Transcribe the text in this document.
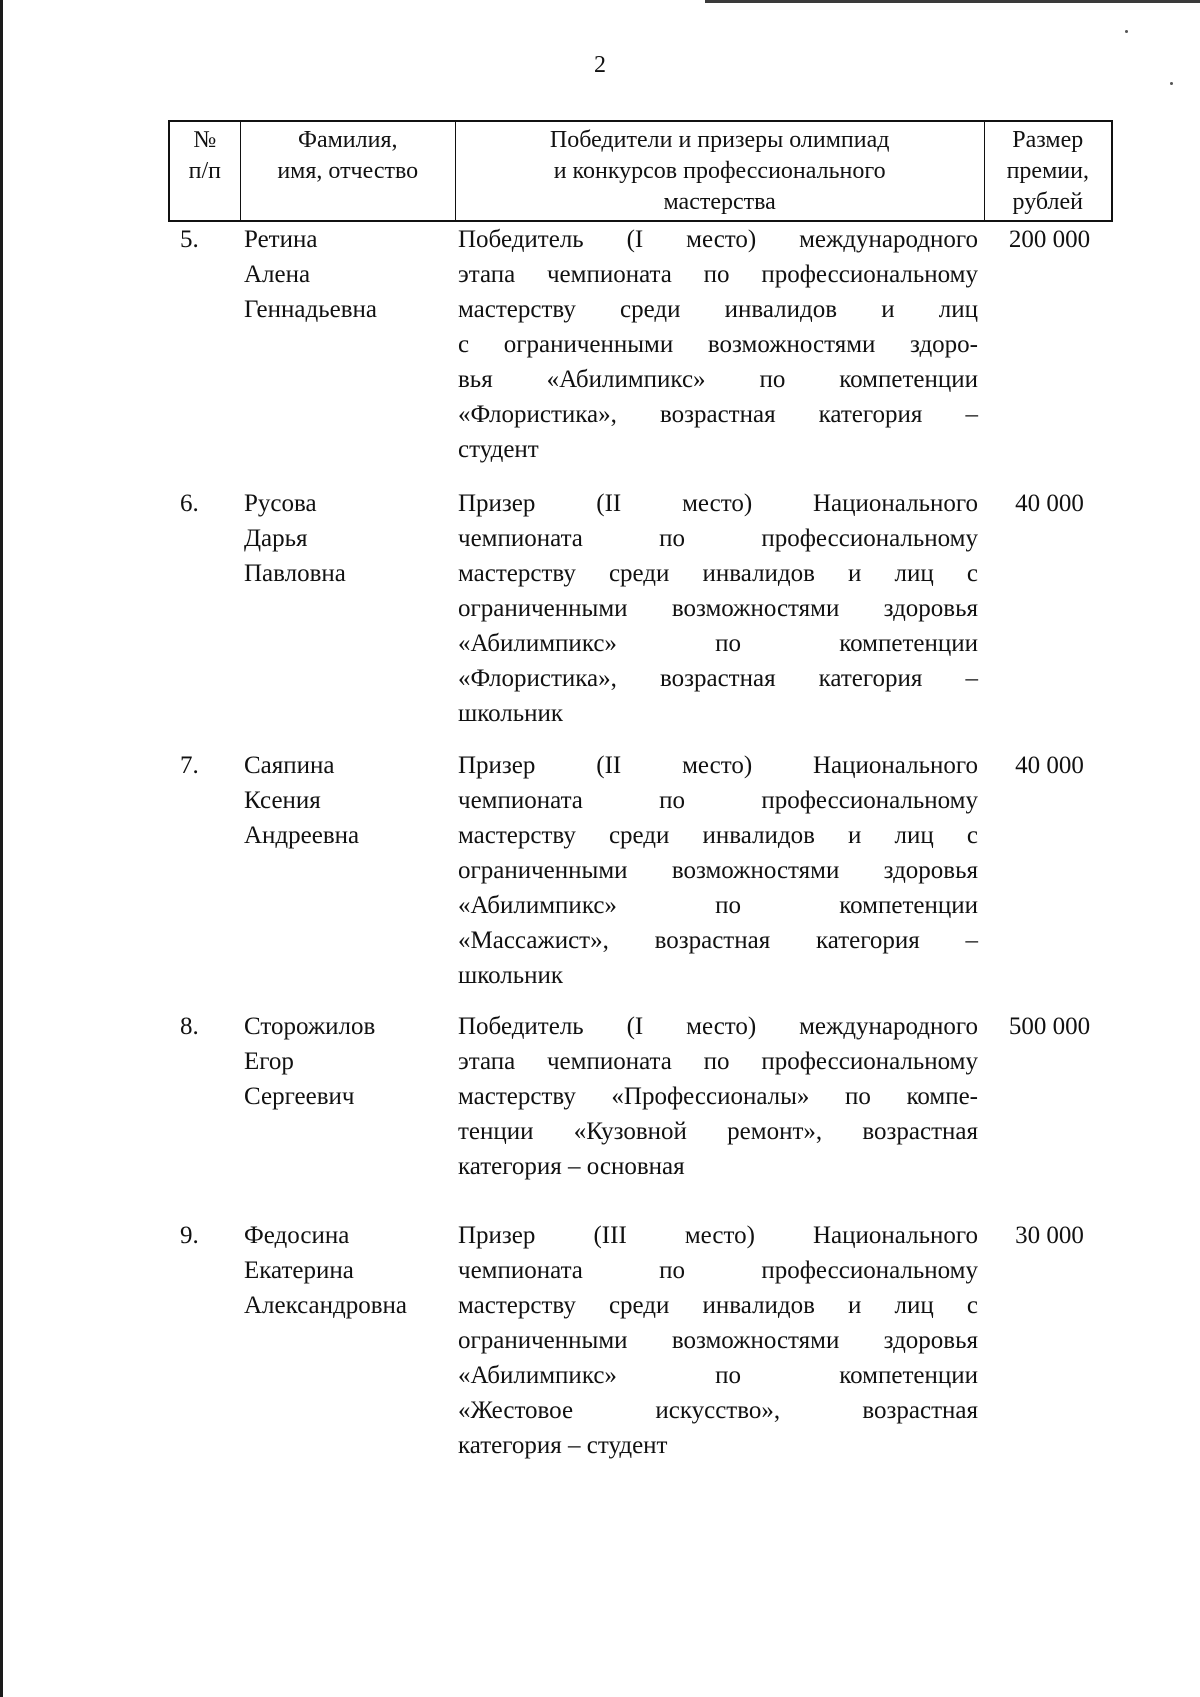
2
№
п/п
Фамилия,
имя, отчество
Победители и призеры олимпиад
и конкурсов профессионального
мастерства
Размер
премии,
рублей
5. Ретина
Алена
Геннадьевна
Победитель (I место) международного
этапа чемпионата по профессиональному
мастерству среди инвалидов и лиц
с ограниченными возможностями здоро-
вья «Абилимпикс» по компетенции
«Флористика», возрастная категория –
студент
200 000
6. Русова
Дарья
Павловна
Призер (II место) Национального
чемпионата по профессиональному
мастерству среди инвалидов и лиц с
ограниченными возможностями здоровья
«Абилимпикс» по компетенции
«Флористика», возрастная категория –
школьник
40 000
7. Саяпина
Ксения
Андреевна
Призер (II место) Национального
чемпионата по профессиональному
мастерству среди инвалидов и лиц с
ограниченными возможностями здоровья
«Абилимпикс» по компетенции
«Массажист», возрастная категория –
школьник
40 000
8. Сторожилов
Егор
Сергеевич
Победитель (I место) международного
этапа чемпионата по профессиональному
мастерству «Профессионалы» по компе-
тенции «Кузовной ремонт», возрастная
категория – основная
500 000
9. Федосина
Екатерина
Александровна
Призер (III место) Национального
чемпионата по профессиональному
мастерству среди инвалидов и лиц с
ограниченными возможностями здоровья
«Абилимпикс» по компетенции
«Жестовое искусство», возрастная
категория – студент
30 000
